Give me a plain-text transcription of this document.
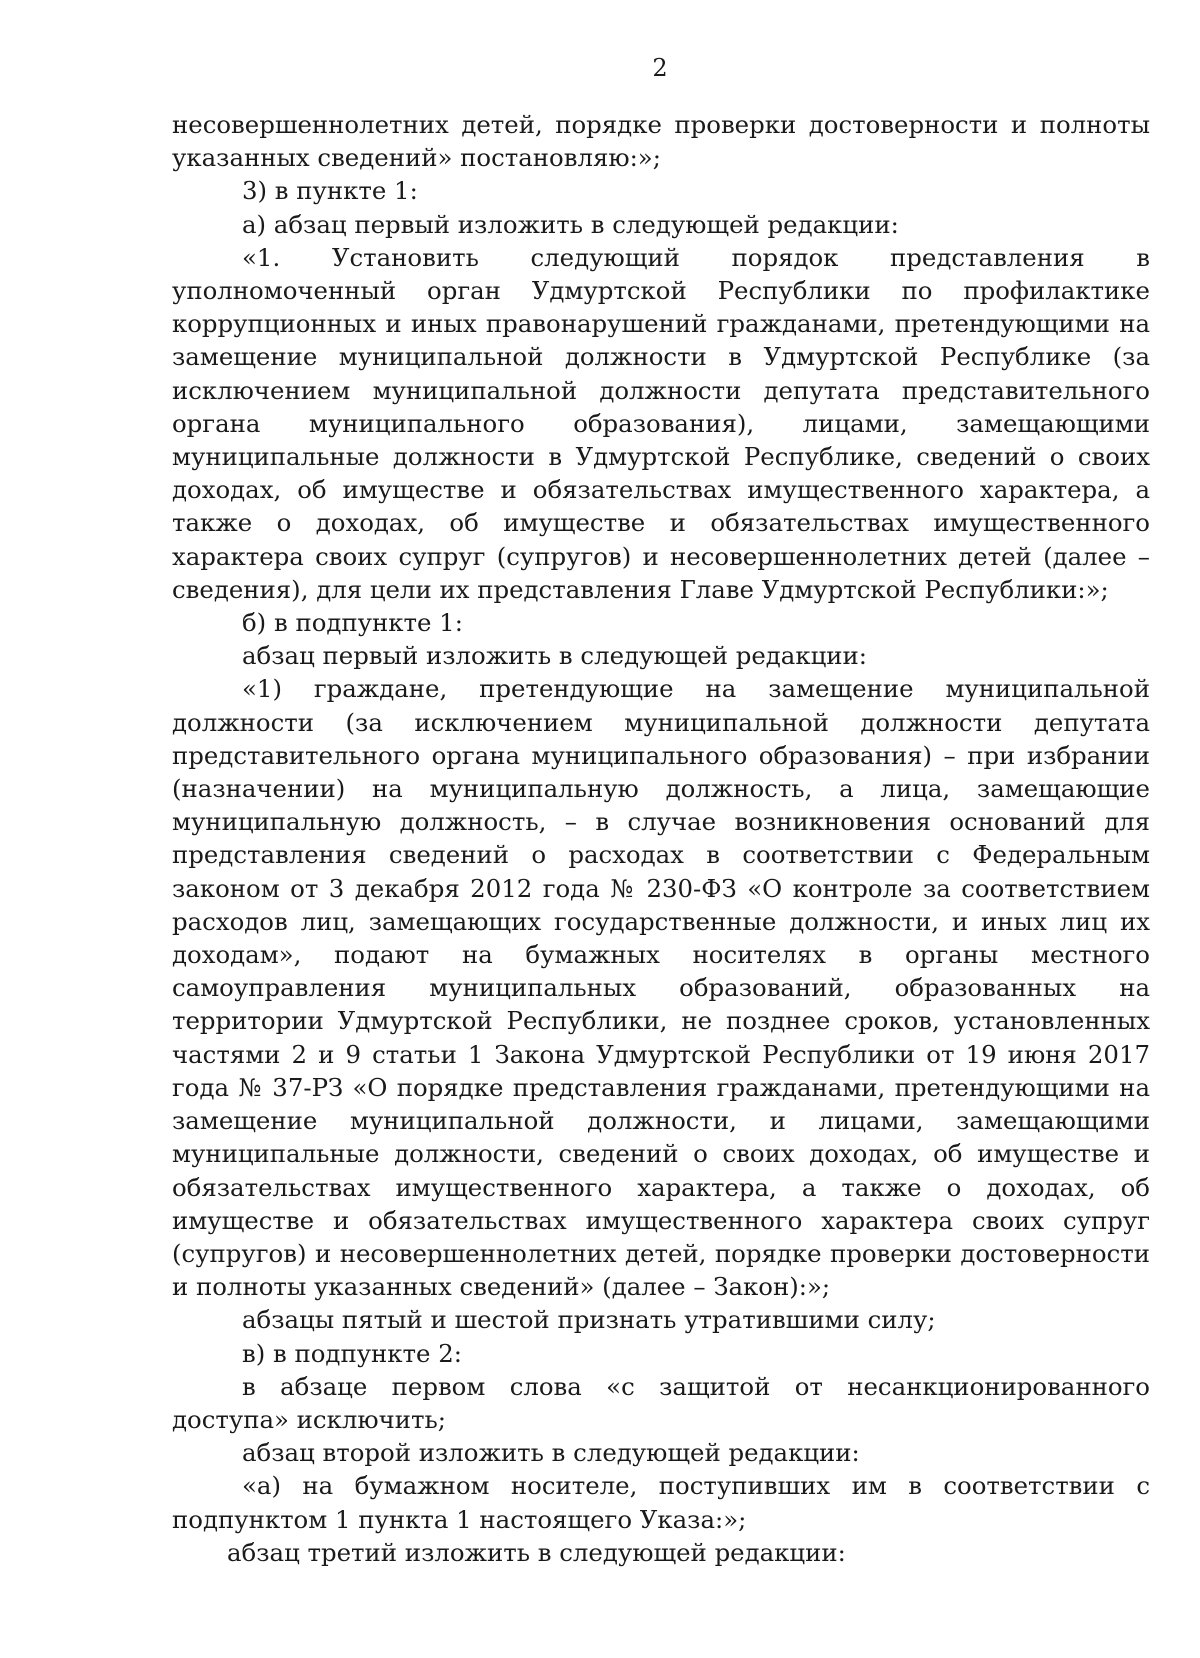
2

несовершеннолетних детей, порядке проверки достоверности и полноты указанных сведений» постановляю:»;

3) в пункте 1:

а) абзац первый изложить в следующей редакции:

«1. Установить следующий порядок представления в уполномоченный орган Удмуртской Республики по профилактике коррупционных и иных правонарушений гражданами, претендующими на замещение муниципальной должности в Удмуртской Республике (за исключением муниципальной должности депутата представительного органа муниципального образования), лицами, замещающими муниципальные должности в Удмуртской Республике, сведений о своих доходах, об имуществе и обязательствах имущественного характера, а также о доходах, об имуществе и обязательствах имущественного характера своих супруг (супругов) и несовершеннолетних детей (далее – сведения), для цели их представления Главе Удмуртской Республики:»;

б) в подпункте 1:

абзац первый изложить в следующей редакции:

«1) граждане, претендующие на замещение муниципальной должности (за исключением муниципальной должности депутата представительного органа муниципального образования) – при избрании (назначении) на муниципальную должность, а лица, замещающие муниципальную должность, – в случае возникновения оснований для представления сведений о расходах в соответствии с Федеральным законом от 3 декабря 2012 года № 230-ФЗ «О контроле за соответствием расходов лиц, замещающих государственные должности, и иных лиц их доходам», подают на бумажных носителях в органы местного самоуправления муниципальных образований, образованных на территории Удмуртской Республики, не позднее сроков, установленных частями 2 и 9 статьи 1 Закона Удмуртской Республики от 19 июня 2017 года № 37-РЗ «О порядке представления гражданами, претендующими на замещение муниципальной должности, и лицами, замещающими муниципальные должности, сведений о своих доходах, об имуществе и обязательствах имущественного характера, а также о доходах, об имуществе и обязательствах имущественного характера своих супруг (супругов) и несовершеннолетних детей, порядке проверки достоверности и полноты указанных сведений» (далее – Закон):»;

абзацы пятый и шестой признать утратившими силу;

в) в подпункте 2:

в абзаце первом слова «с защитой от несанкционированного доступа» исключить;

абзац второй изложить в следующей редакции:

«а) на бумажном носителе, поступивших им в соответствии с подпунктом 1 пункта 1 настоящего Указа:»;

абзац третий изложить в следующей редакции:
